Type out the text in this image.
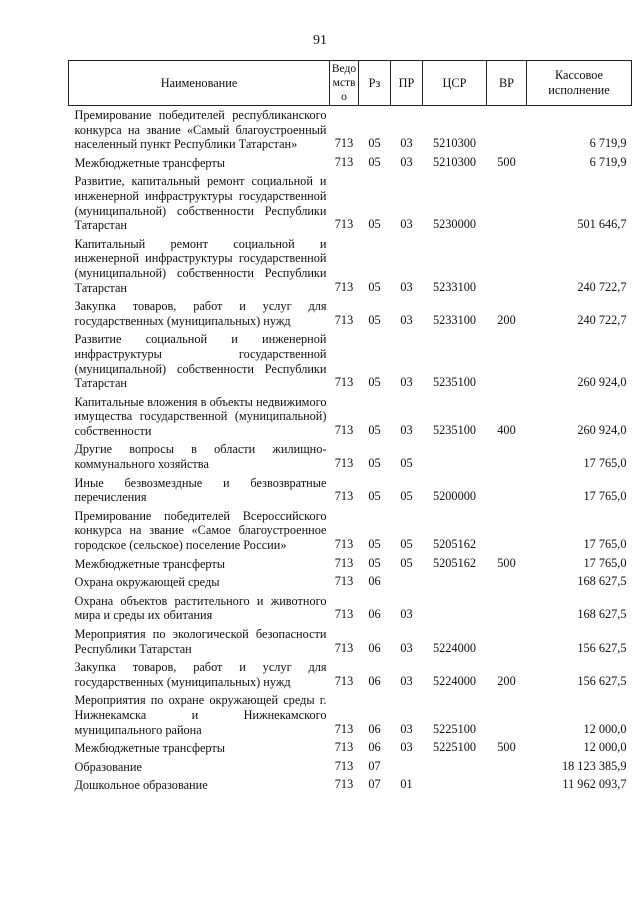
91
Наименование	Ведомство	Рз	ПР	ЦСР	ВР	Кассовое исполнение
Премирование победителей республиканского конкурса на звание «Самый благоустроенный населенный пункт Республики Татарстан»	713	05	03	5210300		6 719,9
Межбюджетные трансферты	713	05	03	5210300	500	6 719,9
Развитие, капитальный ремонт социальной и инженерной инфраструктуры государственной (муниципальной) собственности Республики Татарстан	713	05	03	5230000		501 646,7
Капитальный ремонт социальной и инженерной инфраструктуры государственной (муниципальной) собственности Республики Татарстан	713	05	03	5233100		240 722,7
Закупка товаров, работ и услуг для государственных (муниципальных) нужд	713	05	03	5233100	200	240 722,7
Развитие социальной и инженерной инфраструктуры государственной (муниципальной) собственности Республики Татарстан	713	05	03	5235100		260 924,0
Капитальные вложения в объекты недвижимого имущества государственной (муниципальной) собственности	713	05	03	5235100	400	260 924,0
Другие вопросы в области жилищно-коммунального хозяйства	713	05	05			17 765,0
Иные безвозмездные и безвозвратные перечисления	713	05	05	5200000		17 765,0
Премирование победителей Всероссийского конкурса на звание «Самое благоустроенное городское (сельское) поселение России»	713	05	05	5205162		17 765,0
Межбюджетные трансферты	713	05	05	5205162	500	17 765,0
Охрана окружающей среды	713	06				168 627,5
Охрана объектов растительного и животного мира и среды их обитания	713	06	03			168 627,5
Мероприятия по экологической безопасности Республики Татарстан	713	06	03	5224000		156 627,5
Закупка товаров, работ и услуг для государственных (муниципальных) нужд	713	06	03	5224000	200	156 627,5
Мероприятия по охране окружающей среды г. Нижнекамска и Нижнекамского муниципального района	713	06	03	5225100		12 000,0
Межбюджетные трансферты	713	06	03	5225100	500	12 000,0
Образование	713	07				18 123 385,9
Дошкольное образование	713	07	01			11 962 093,7
